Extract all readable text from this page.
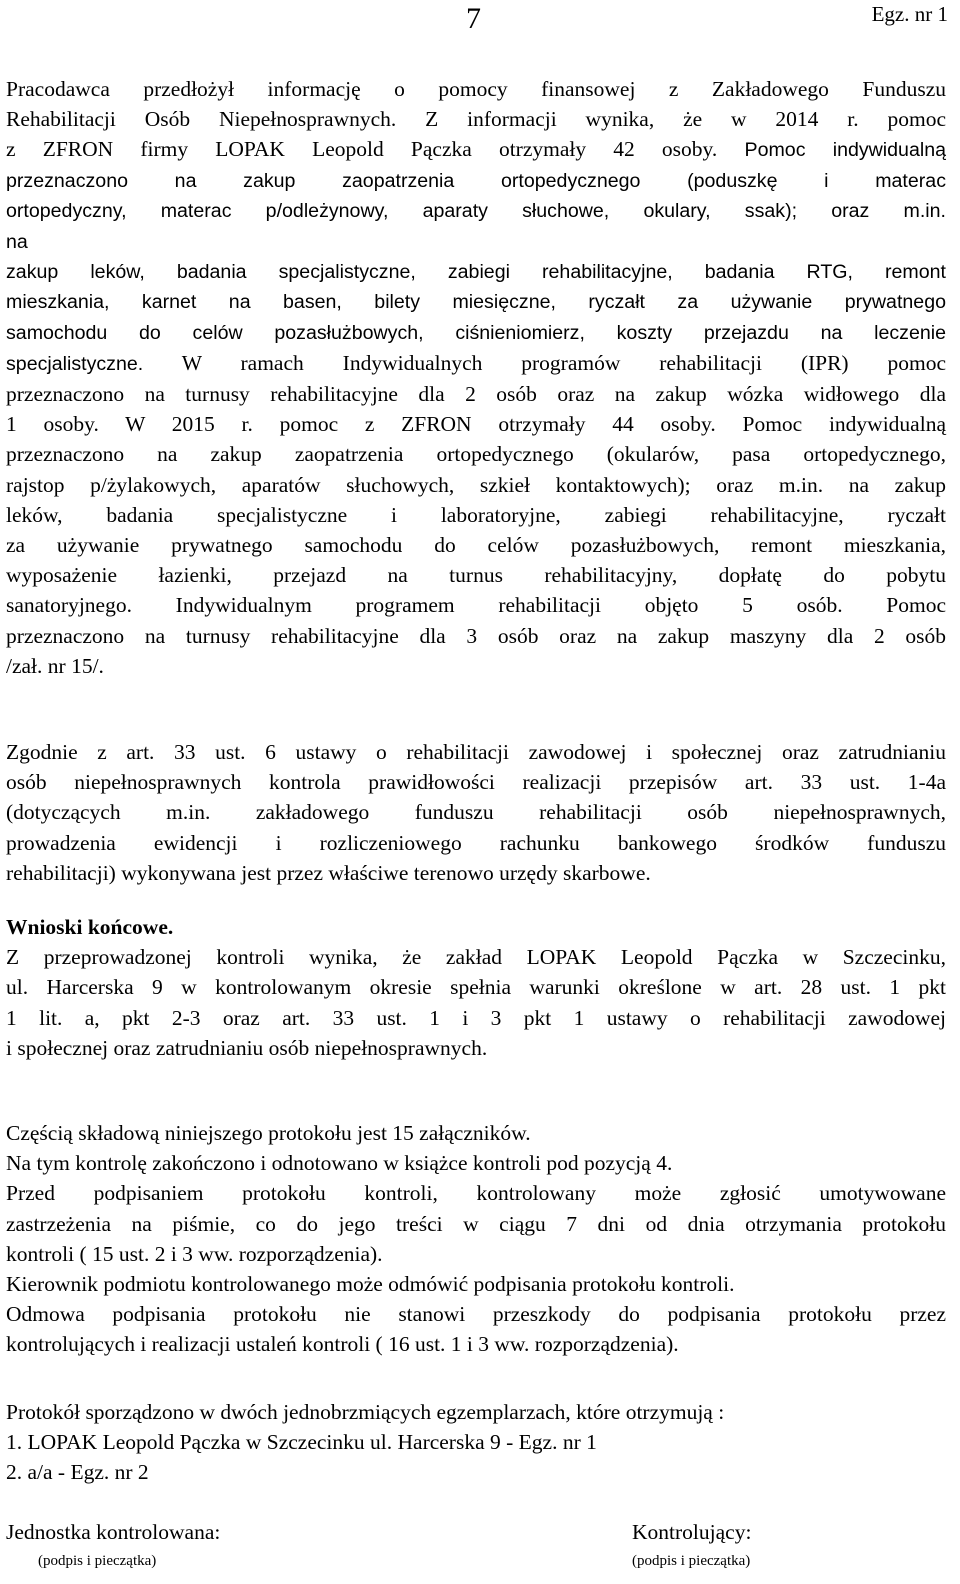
7	Egz. nr 1
Pracodawca przedłożył informację o pomocy finansowej z Zakładowego Funduszu
Rehabilitacji Osób Niepełnosprawnych. Z informacji wynika, że w 2014 r. pomoc
z ZFRON firmy LOPAK Leopold Pączka otrzymały 42 osoby. Pomoc indywidualną
przeznaczono na zakup zaopatrzenia ortopedycznego (poduszkę i materac
ortopedyczny, materac p/odleżynowy, aparaty słuchowe, okulary, ssak); oraz m.in.
na
zakup leków, badania specjalistyczne, zabiegi rehabilitacyjne, badania RTG, remont
mieszkania, karnet na basen, bilety miesięczne, ryczałt za używanie prywatnego
samochodu do celów pozasłużbowych, ciśnieniomierz, koszty przejazdu na leczenie
specjalistyczne. W ramach Indywidualnych programów rehabilitacji (IPR) pomoc
przeznaczono na turnusy rehabilitacyjne dla 2 osób oraz na zakup wózka widłowego dla
1 osoby. W 2015 r. pomoc z ZFRON otrzymały 44 osoby. Pomoc indywidualną
przeznaczono na zakup zaopatrzenia ortopedycznego (okularów, pasa ortopedycznego,
rajstop p/żylakowych, aparatów słuchowych, szkieł kontaktowych); oraz m.in. na zakup
leków, badania specjalistyczne i laboratoryjne, zabiegi rehabilitacyjne, ryczałt
za używanie prywatnego samochodu do celów pozasłużbowych, remont mieszkania,
wyposażenie łazienki, przejazd na turnus rehabilitacyjny, dopłatę do pobytu
sanatoryjnego. Indywidualnym programem rehabilitacji objęto 5 osób. Pomoc
przeznaczono na turnusy rehabilitacyjne dla 3 osób oraz na zakup maszyny dla 2 osób
/zał. nr 15/.
Zgodnie z art. 33 ust. 6 ustawy o rehabilitacji zawodowej i społecznej oraz zatrudnianiu
osób niepełnosprawnych kontrola prawidłowości realizacji przepisów art. 33 ust. 1-4a
(dotyczących m.in. zakładowego funduszu rehabilitacji osób niepełnosprawnych,
prowadzenia ewidencji i rozliczeniowego rachunku bankowego środków funduszu
rehabilitacji) wykonywana jest przez właściwe terenowo urzędy skarbowe.
Wnioski końcowe.
Z przeprowadzonej kontroli wynika, że zakład LOPAK Leopold Pączka w Szczecinku,
ul. Harcerska 9 w kontrolowanym okresie spełnia warunki określone w art. 28 ust. 1 pkt
1 lit. a, pkt 2-3 oraz art. 33 ust. 1 i 3 pkt 1 ustawy o rehabilitacji zawodowej
i społecznej oraz zatrudnianiu osób niepełnosprawnych.
Częścią składową niniejszego protokołu jest 15 załączników.
Na tym kontrolę zakończono i odnotowano w książce kontroli pod pozycją 4.
Przed podpisaniem protokołu kontroli, kontrolowany może zgłosić umotywowane
zastrzeżenia na piśmie, co do jego treści w ciągu 7 dni od dnia otrzymania protokołu
kontroli ( 15 ust. 2 i 3 ww. rozporządzenia).
Kierownik podmiotu kontrolowanego może odmówić podpisania protokołu kontroli.
Odmowa podpisania protokołu nie stanowi przeszkody do podpisania protokołu przez
kontrolujących i realizacji ustaleń kontroli ( 16 ust. 1 i 3 ww. rozporządzenia).
Protokół sporządzono w dwóch jednobrzmiących egzemplarzach, które otrzymują :
1. LOPAK Leopold Pączka w Szczecinku ul. Harcerska 9 - Egz. nr 1
2. a/a - Egz. nr 2
Jednostka kontrolowana:
(podpis i pieczątka)
Kontrolujący:
(podpis i pieczątka)
